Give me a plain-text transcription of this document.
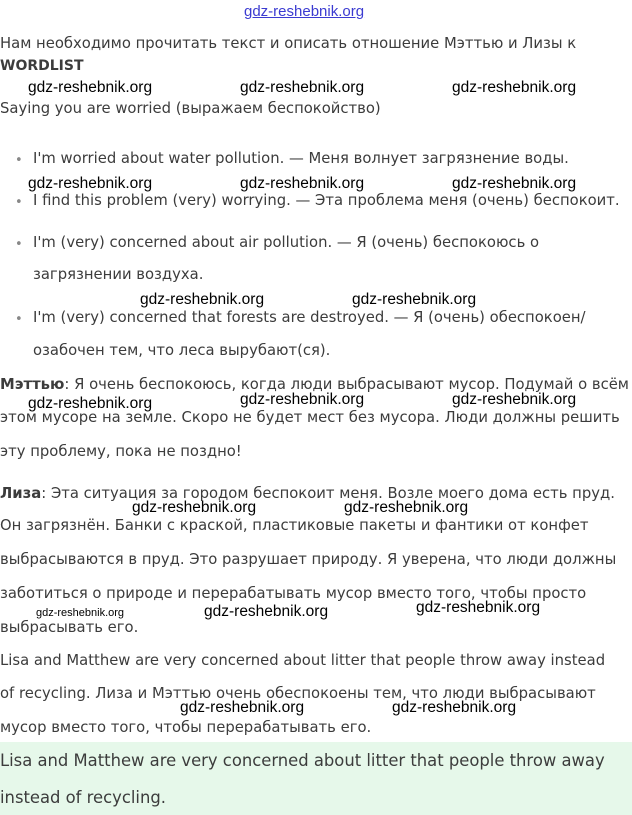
gdz-reshebnik.org
Нам необходимо прочитать текст и описать отношение Мэттью и Лизы к
WORDLIST
Saying you are worried (выражаем беспокойство)
• I'm worried about water pollution. — Меня волнует загрязнение воды.
• I find this problem (very) worrying. — Эта проблема меня (очень) беспокоит.
• I'm (very) concerned about air pollution. — Я (очень) беспокоюсь о
загрязнении воздуха.
• I'm (very) concerned that forests are destroyed. — Я (очень) обеспокоен/
озабочен тем, что леса вырубают(ся).
Мэттью: Я очень беспокоюсь, когда люди выбрасывают мусор. Подумай о всём
этом мусоре на земле. Скоро не будет мест без мусора. Люди должны решить
эту проблему, пока не поздно!
Лиза: Эта ситуация за городом беспокоит меня. Возле моего дома есть пруд.
Он загрязнён. Банки с краской, пластиковые пакеты и фантики от конфет
выбрасываются в пруд. Это разрушает природу. Я уверена, что люди должны
заботиться о природе и перерабатывать мусор вместо того, чтобы просто
выбрасывать его.
Lisa and Matthew are very concerned about litter that people throw away instead
of recycling. Лиза и Мэттью очень обеспокоены тем, что люди выбрасывают
мусор вместо того, чтобы перерабатывать его.
Lisa and Matthew are very concerned about litter that people throw away
instead of recycling.
gdz-reshebnik.org	gdz-reshebnik.org	gdz-reshebnik.org
gdz-reshebnik.org	gdz-reshebnik.org	gdz-reshebnik.org
gdz-reshebnik.org	gdz-reshebnik.org
gdz-reshebnik.org	gdz-reshebnik.org	gdz-reshebnik.org
gdz-reshebnik.org	gdz-reshebnik.org
gdz-reshebnik.org	gdz-reshebnik.org	gdz-reshebnik.org
gdz-reshebnik.org	gdz-reshebnik.org
